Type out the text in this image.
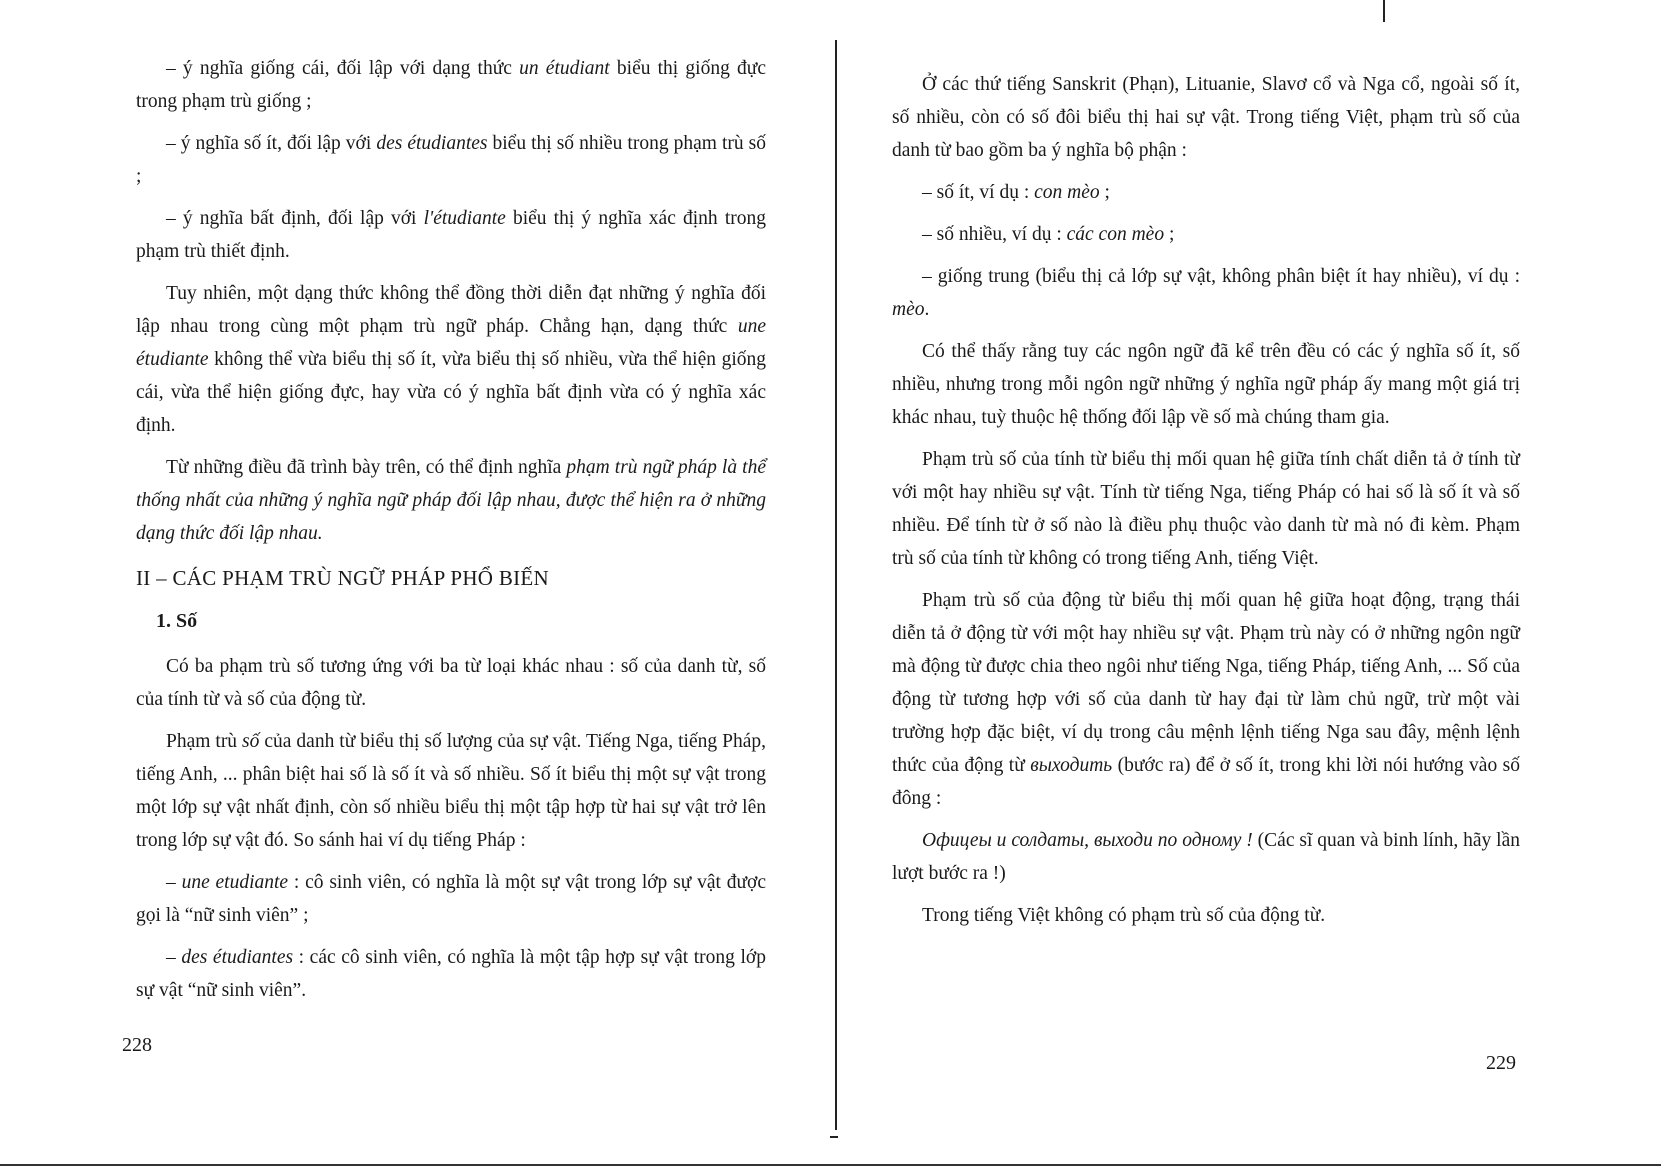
– ý nghĩa giống cái, đối lập với dạng thức un étudiant biểu thị giống đực trong phạm trù giống ;

– ý nghĩa số ít, đối lập với des étudiantes biểu thị số nhiều trong phạm trù số ;

– ý nghĩa bất định, đối lập với l'étudiante biểu thị ý nghĩa xác định trong phạm trù thiết định.

Tuy nhiên, một dạng thức không thể đồng thời diễn đạt những ý nghĩa đối lập nhau trong cùng một phạm trù ngữ pháp. Chẳng hạn, dạng thức une étudiante không thể vừa biểu thị số ít, vừa biểu thị số nhiều, vừa thể hiện giống cái, vừa thể hiện giống đực, hay vừa có ý nghĩa bất định vừa có ý nghĩa xác định.

Từ những điều đã trình bày trên, có thể định nghĩa phạm trù ngữ pháp là thể thống nhất của những ý nghĩa ngữ pháp đối lập nhau, được thể hiện ra ở những dạng thức đối lập nhau.

II – CÁC PHẠM TRÙ NGỮ PHÁP PHỔ BIẾN
1. Số

Có ba phạm trù số tương ứng với ba từ loại khác nhau : số của danh từ, số của tính từ và số của động từ.

Phạm trù số của danh từ biểu thị số lượng của sự vật. Tiếng Nga, tiếng Pháp, tiếng Anh, ... phân biệt hai số là số ít và số nhiều. Số ít biểu thị một sự vật trong một lớp sự vật nhất định, còn số nhiều biểu thị một tập hợp từ hai sự vật trở lên trong lớp sự vật đó. So sánh hai ví dụ tiếng Pháp :

– une etudiante : cô sinh viên, có nghĩa là một sự vật trong lớp sự vật được gọi là “nữ sinh viên” ;

– des étudiantes : các cô sinh viên, có nghĩa là một tập hợp sự vật trong lớp sự vật “nữ sinh viên”.

228

Ở các thứ tiếng Sanskrit (Phạn), Lituanie, Slavơ cổ và Nga cổ, ngoài số ít, số nhiều, còn có số đôi biểu thị hai sự vật. Trong tiếng Việt, phạm trù số của danh từ bao gồm ba ý nghĩa bộ phận :

– số ít, ví dụ : con mèo ;

– số nhiều, ví dụ : các con mèo ;

– giống trung (biểu thị cả lớp sự vật, không phân biệt ít hay nhiều), ví dụ : mèo.

Có thể thấy rằng tuy các ngôn ngữ đã kể trên đều có các ý nghĩa số ít, số nhiều, nhưng trong mỗi ngôn ngữ những ý nghĩa ngữ pháp ấy mang một giá trị khác nhau, tuỳ thuộc hệ thống đối lập về số mà chúng tham gia.

Phạm trù số của tính từ biểu thị mối quan hệ giữa tính chất diễn tả ở tính từ với một hay nhiều sự vật. Tính từ tiếng Nga, tiếng Pháp có hai số là số ít và số nhiều. Để tính từ ở số nào là điều phụ thuộc vào danh từ mà nó đi kèm. Phạm trù số của tính từ không có trong tiếng Anh, tiếng Việt.

Phạm trù số của động từ biểu thị mối quan hệ giữa hoạt động, trạng thái diễn tả ở động từ với một hay nhiều sự vật. Phạm trù này có ở những ngôn ngữ mà động từ được chia theo ngôi như tiếng Nga, tiếng Pháp, tiếng Anh, ... Số của động từ tương hợp với số của danh từ hay đại từ làm chủ ngữ, trừ một vài trường hợp đặc biệt, ví dụ trong câu mệnh lệnh tiếng Nga sau đây, mệnh lệnh thức của động từ выходить (bước ra) để ở số ít, trong khi lời nói hướng vào số đông :

Офицеы и солдаты, выходи по одному ! (Các sĩ quan và binh lính, hãy lần lượt bước ra !)

Trong tiếng Việt không có phạm trù số của động từ.

229
